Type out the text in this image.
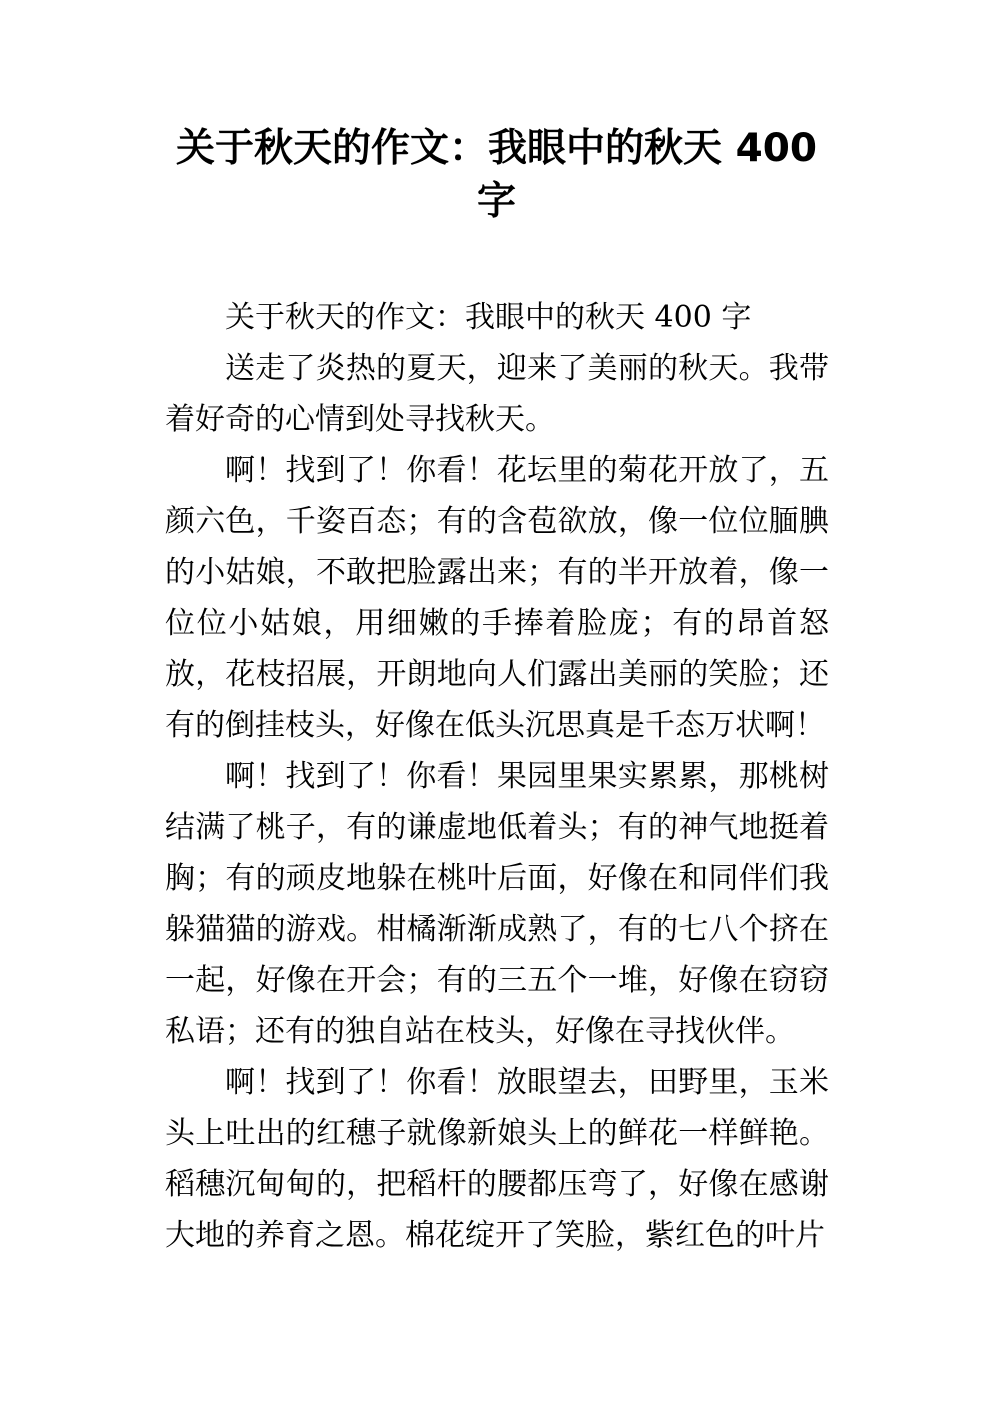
关于秋天的作文：我眼中的秋天 400 字

关于秋天的作文：我眼中的秋天 400 字

送走了炎热的夏天，迎来了美丽的秋天。我带着好奇的心情到处寻找秋天。

啊！找到了！你看！花坛里的菊花开放了，五颜六色，千姿百态；有的含苞欲放，像一位位腼腆的小姑娘，不敢把脸露出来；有的半开放着，像一位位小姑娘，用细嫩的手捧着脸庞；有的昂首怒放，花枝招展，开朗地向人们露出美丽的笑脸；还有的倒挂枝头，好像在低头沉思真是千态万状啊！

啊！找到了！你看！果园里果实累累，那桃树结满了桃子，有的谦虚地低着头；有的神气地挺着胸；有的顽皮地躲在桃叶后面，好像在和同伴们我躲猫猫的游戏。柑橘渐渐成熟了，有的七八个挤在一起，好像在开会；有的三五个一堆，好像在窃窃私语；还有的独自站在枝头，好像在寻找伙伴。

啊！找到了！你看！放眼望去，田野里，玉米头上吐出的红穗子就像新娘头上的鲜花一样鲜艳。稻穗沉甸甸的，把稻杆的腰都压弯了，好像在感谢大地的养育之恩。棉花绽开了笑脸，紫红色的叶片
